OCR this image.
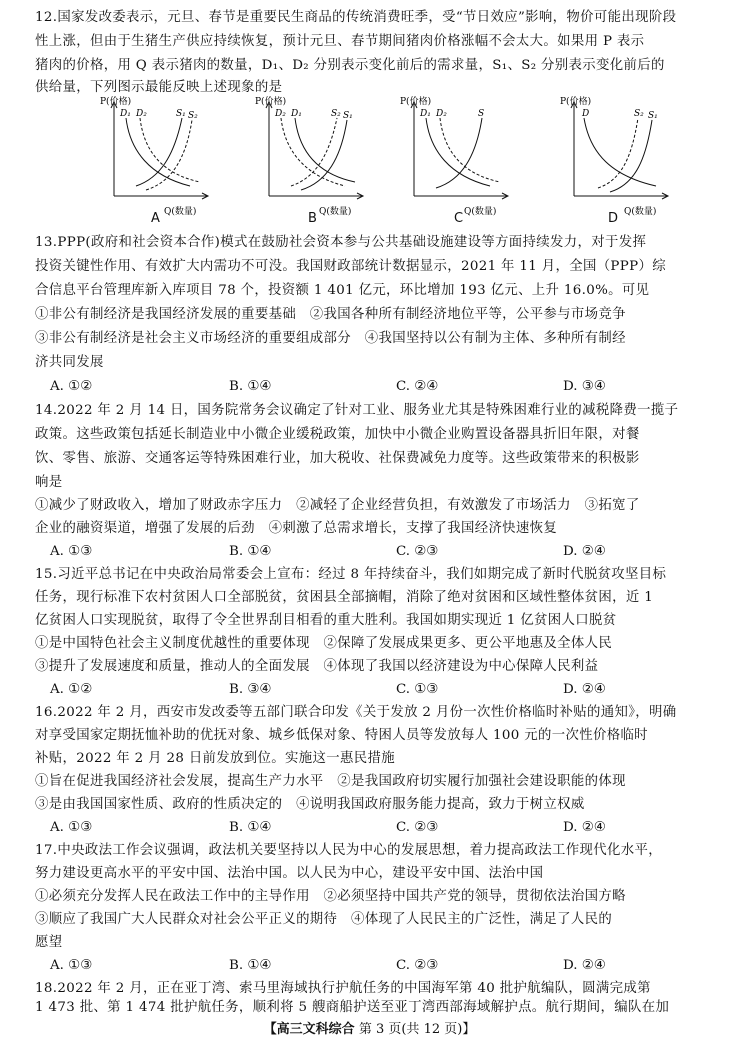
12.国家发改委表示，元旦、春节是重要民生商品的传统消费旺季，受“节日效应”影响，物价可能出现阶段
性上涨，但由于生猪生产供应持续恢复，预计元旦、春节期间猪肉价格涨幅不会太大。如果用 P 表示
猪肉的价格，用 Q 表示猪肉的数量，D₁、D₂ 分别表示变化前后的需求量，S₁、S₂ 分别表示变化前后的
供给量，下列图示最能反映上述现象的是
P(价格)
Q(数量)
D₁ D₂	S₁ S₂
A
P(价格)
Q(数量)
D₂ D₁	S₂ S₁
B
P(价格)
Q(数量)
D₁ D₂	S
C
P(价格)
Q(数量)
D	S₂ S₁
D
13.PPP(政府和社会资本合作)模式在鼓励社会资本参与公共基础设施建设等方面持续发力，对于发挥
投资关键性作用、有效扩大内需功不可没。我国财政部统计数据显示，2021 年 11 月，全国（PPP）综
合信息平台管理库新入库项目 78 个，投资额 1 401 亿元，环比增加 193 亿元、上升 16.0%。可见
①非公有制经济是我国经济发展的重要基础　②我国各种所有制经济地位平等，公平参与市场竞争
③非公有制经济是社会主义市场经济的重要组成部分　④我国坚持以公有制为主体、多种所有制经
济共同发展
A. ①②	B. ①④	C. ②④	D. ③④
14.2022 年 2 月 14 日，国务院常务会议确定了针对工业、服务业尤其是特殊困难行业的减税降费一揽子
政策。这些政策包括延长制造业中小微企业缓税政策，加快中小微企业购置设备器具折旧年限，对餐
饮、零售、旅游、交通客运等特殊困难行业，加大税收、社保费减免力度等。这些政策带来的积极影
响是
①减少了财政收入，增加了财政赤字压力　②减轻了企业经营负担，有效激发了市场活力　③拓宽了
企业的融资渠道，增强了发展的后劲　④刺激了总需求增长，支撑了我国经济快速恢复
A. ①③	B. ①④	C. ②③	D. ②④
15.习近平总书记在中央政治局常委会上宣布：经过 8 年持续奋斗，我们如期完成了新时代脱贫攻坚目标
任务，现行标准下农村贫困人口全部脱贫，贫困县全部摘帽，消除了绝对贫困和区域性整体贫困，近 1
亿贫困人口实现脱贫，取得了令全世界刮目相看的重大胜利。我国如期实现近 1 亿贫困人口脱贫
①是中国特色社会主义制度优越性的重要体现　②保障了发展成果更多、更公平地惠及全体人民
③提升了发展速度和质量，推动人的全面发展　④体现了我国以经济建设为中心保障人民利益
A. ①②	B. ③④	C. ①③	D. ②④
16.2022 年 2 月，西安市发改委等五部门联合印发《关于发放 2 月份一次性价格临时补贴的通知》，明确
对享受国家定期抚恤补助的优抚对象、城乡低保对象、特困人员等发放每人 100 元的一次性价格临时
补贴，2022 年 2 月 28 日前发放到位。实施这一惠民措施
①旨在促进我国经济社会发展，提高生产力水平　②是我国政府切实履行加强社会建设职能的体现
③是由我国国家性质、政府的性质决定的　④说明我国政府服务能力提高，致力于树立权威
A. ①③	B. ①④	C. ②③	D. ②④
17.中央政法工作会议强调，政法机关要坚持以人民为中心的发展思想，着力提高政法工作现代化水平，
努力建设更高水平的平安中国、法治中国。以人民为中心，建设平安中国、法治中国
①必须充分发挥人民在政法工作中的主导作用　②必须坚持中国共产党的领导，贯彻依法治国方略
③顺应了我国广大人民群众对社会公平正义的期待　④体现了人民民主的广泛性，满足了人民的
愿望
A. ①③	B. ①④	C. ②③	D. ②④
18.2022 年 2 月，正在亚丁湾、索马里海域执行护航任务的中国海军第 40 批护航编队，圆满完成第
1 473 批、第 1 474 批护航任务，顺利将 5 艘商船护送至亚丁湾西部海域解护点。航行期间，编队在加
【高三文科综合 第 3 页(共 12 页)】
